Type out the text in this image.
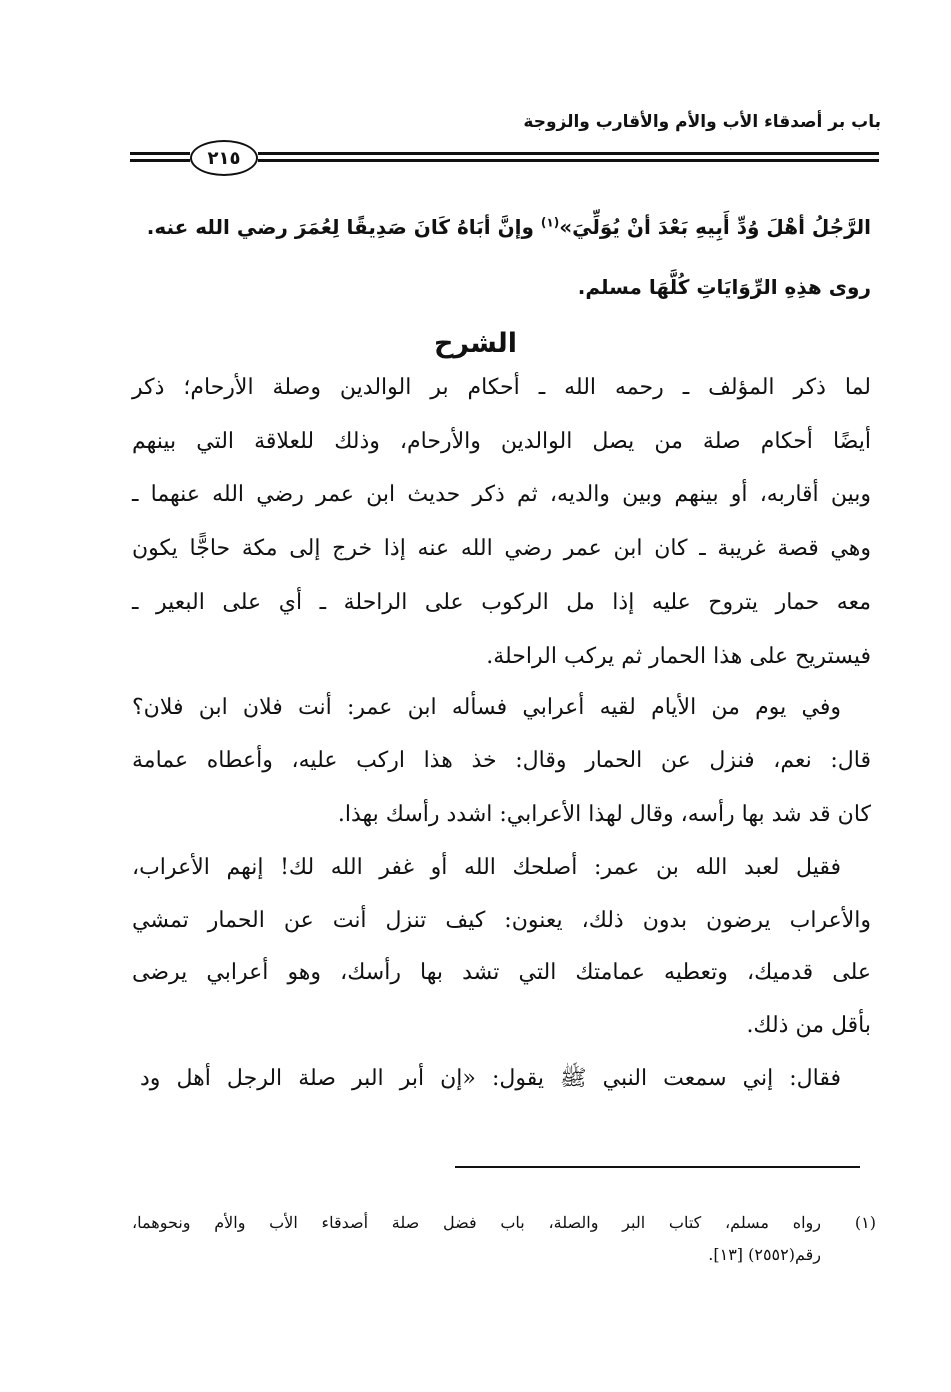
باب بر أصدقاء الأب والأم والأقارب والزوجة
٢١٥
الرَّجُلُ أهْلَ وُدِّ أَبِيهِ بَعْدَ أنْ يُوَلِّيَ»$^{(١)}$ وإنَّ أبَاهُ كَانَ صَدِيقًا لِعُمَرَ رضي الله عنه.
روى هذِهِ الرِّوَايَاتِ كُلَّهَا مسلم.
الشرح
لما ذكر المؤلف ـ رحمه الله ـ أحكام بر الوالدين وصلة الأرحام؛ ذكر
أيضًا أحكام صلة من يصل الوالدين والأرحام، وذلك للعلاقة التي بينهم
وبين أقاربه، أو بينهم وبين والديه، ثم ذكر حديث ابن عمر رضي الله عنهما ـ
وهي قصة غريبة ـ كان ابن عمر رضي الله عنه إذا خرج إلى مكة حاجًّا يكون
معه حمار يتروح عليه إذا مل الركوب على الراحلة ـ أي على البعير ـ
فيستريح على هذا الحمار ثم يركب الراحلة.
وفي يوم من الأيام لقيه أعرابي فسأله ابن عمر: أنت فلان ابن فلان؟
قال: نعم، فنزل عن الحمار وقال: خذ هذا اركب عليه، وأعطاه عمامة
كان قد شد بها رأسه، وقال لهذا الأعرابي: اشدد رأسك بهذا.
فقيل لعبد الله بن عمر: أصلحك الله أو غفر الله لك! إنهم الأعراب،
والأعراب يرضون بدون ذلك، يعنون: كيف تنزل أنت عن الحمار تمشي
على قدميك، وتعطيه عمامتك التي تشد بها رأسك، وهو أعرابي يرضى
بأقل من ذلك.
فقال: إني سمعت النبي ﷺ يقول: «إن أبر البر صلة الرجل أهل ود
(١)
رواه مسلم، كتاب البر والصلة، باب فضل صلة أصدقاء الأب والأم ونحوهما،
رقم(٢٥٥٢) [١٣].
